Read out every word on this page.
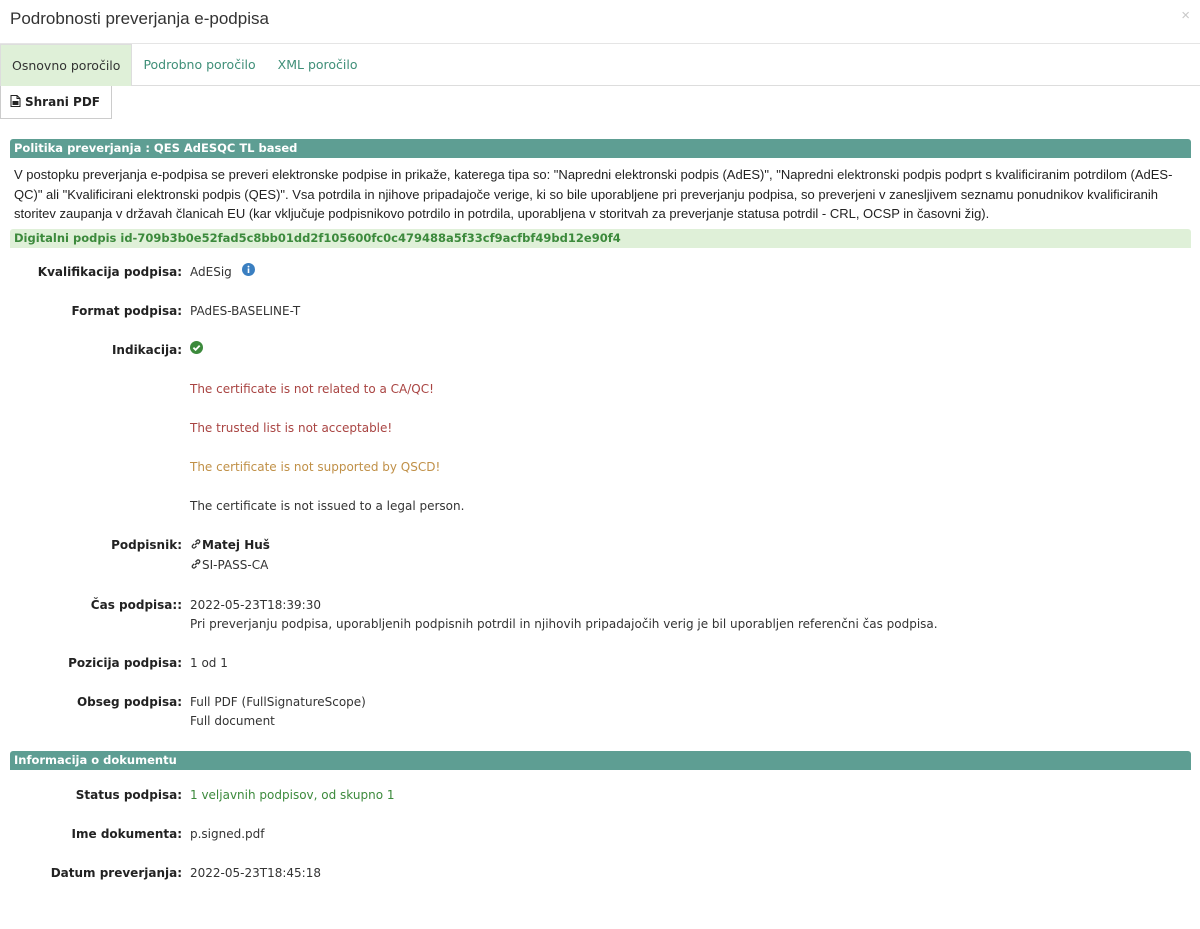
Podrobnosti preverjanja e-podpisa	×
Osnovno poročilo	Podrobno poročilo	XML poročilo
Shrani PDF
Politika preverjanja : QES AdESQC TL based
V postopku preverjanja e-podpisa se preveri elektronske podpise in prikaže, katerega tipa so: "Napredni elektronski podpis (AdES)", "Napredni elektronski podpis podprt s kvalificiranim potrdilom (AdES-QC)" ali "Kvalificirani elektronski podpis (QES)". Vsa potrdila in njihove pripadajoče verige, ki so bile uporabljene pri preverjanju podpisa, so preverjeni v zanesljivem seznamu ponudnikov kvalificiranih storitev zaupanja v državah članicah EU (kar vključuje podpisnikovo potrdilo in potrdila, uporabljena v storitvah za preverjanje statusa potrdil - CRL, OCSP in časovni žig).
Digitalni podpis id-709b3b0e52fad5c8bb01dd2f105600fc0c479488a5f33cf9acfbf49bd12e90f4
Kvalifikacija podpisa: AdESig
Format podpisa: PAdES-BASELINE-T
Indikacija:
The certificate is not related to a CA/QC!
The trusted list is not acceptable!
The certificate is not supported by QSCD!
The certificate is not issued to a legal person.
Podpisnik:	Matej Huš
SI-PASS-CA
Čas podpisa:: 2022-05-23T18:39:30
Pri preverjanju podpisa, uporabljenih podpisnih potrdil in njihovih pripadajočih verig je bil uporabljen referenčni čas podpisa.
Pozicija podpisa: 1 od 1
Obseg podpisa: Full PDF (FullSignatureScope)
Full document
Informacija o dokumentu
Status podpisa: 1 veljavnih podpisov, od skupno 1
Ime dokumenta: p.signed.pdf
Datum preverjanja: 2022-05-23T18:45:18
